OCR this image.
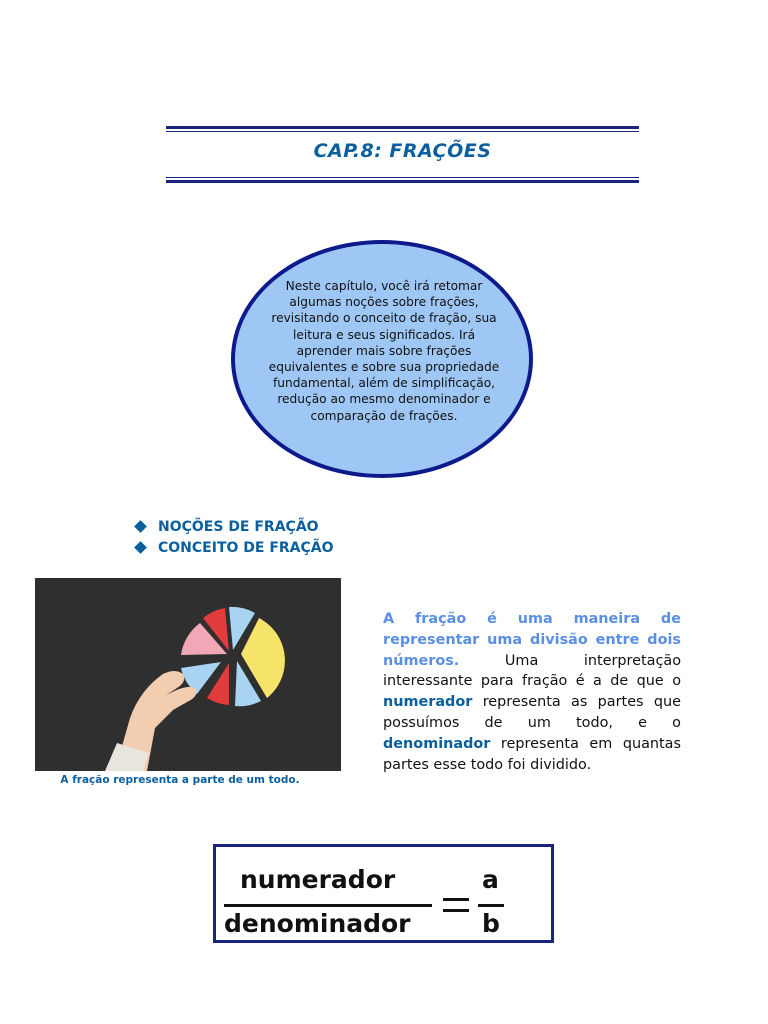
CAP.8: FRAÇÕES
Neste capítulo, você irá retomar algumas noções sobre frações, revisitando o conceito de fração, sua leitura e seus significados. Irá aprender mais sobre frações equivalentes e sobre sua propriedade fundamental, além de simplificação, redução ao mesmo denominador e comparação de frações.
NOÇÕES DE FRAÇÃO
CONCEITO DE FRAÇÃO
A fração representa a parte de um todo.
A fração é uma maneira de representar uma divisão entre dois números. Uma interpretação interessante para fração é a de que o numerador representa as partes que possuímos de um todo, e o denominador representa em quantas partes esse todo foi dividido.
numerador
denominador
a
b
